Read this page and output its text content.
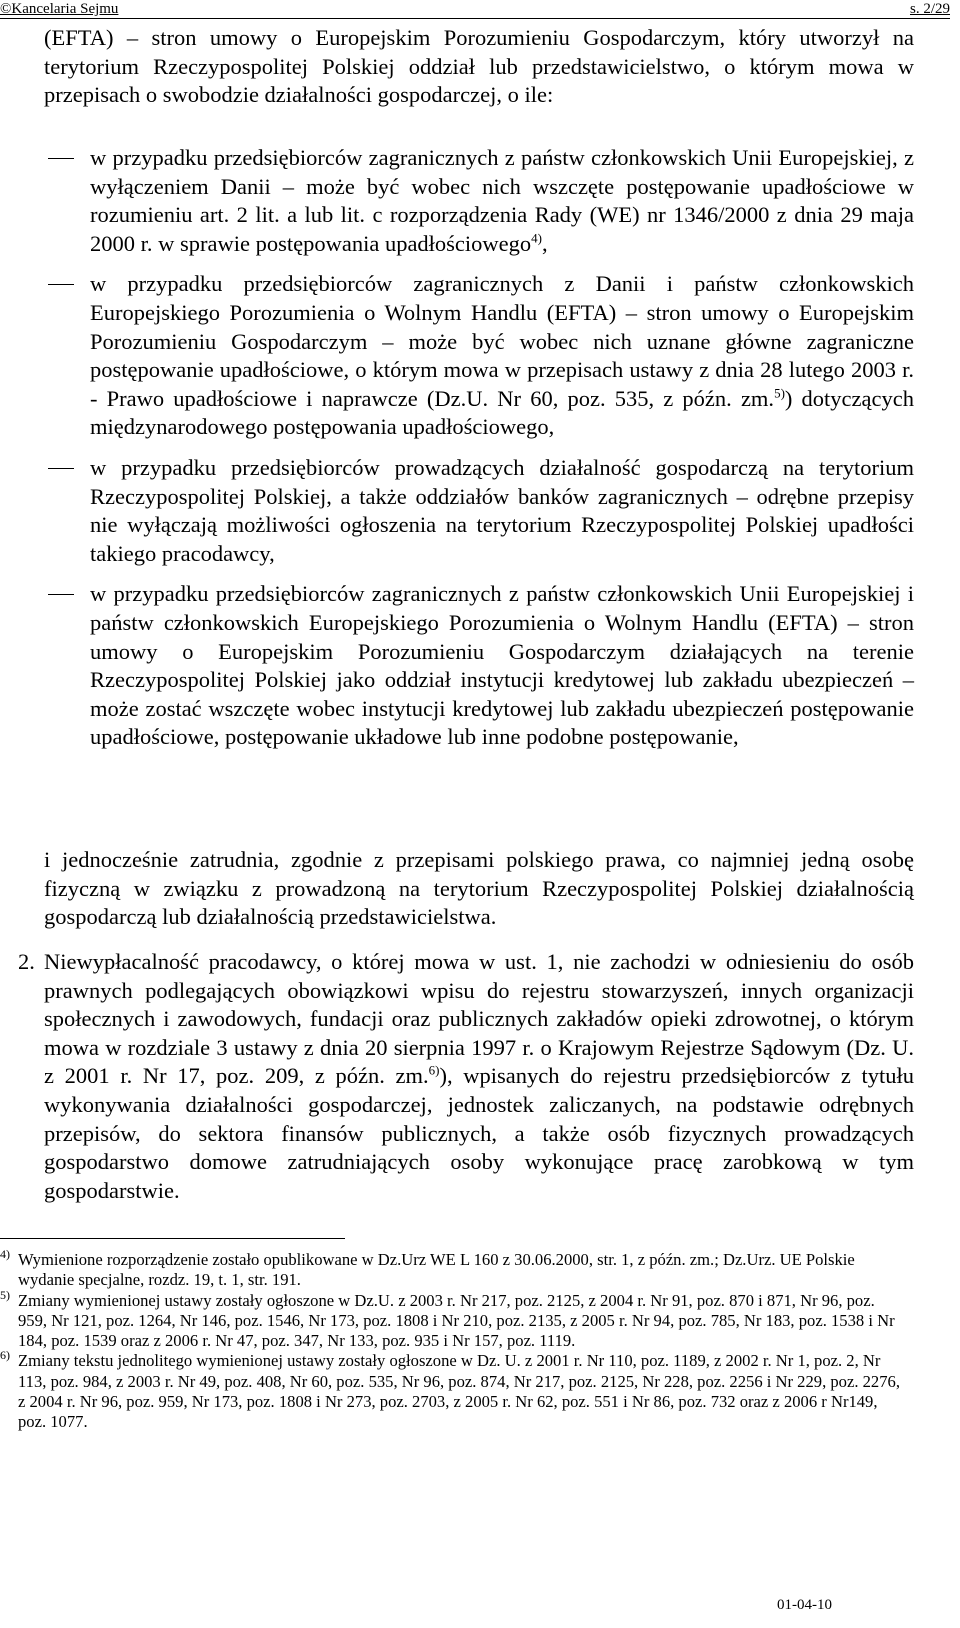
©Kancelaria Sejmu	s. 2/29
(EFTA) – stron umowy o Europejskim Porozumieniu Gospodarczym, który utworzył na terytorium Rzeczypospolitej Polskiej oddział lub przedstawicielstwo, o którym mowa w przepisach o swobodzie działalności gospodarczej, o ile:
w przypadku przedsiębiorców zagranicznych z państw członkowskich Unii Europejskiej, z wyłączeniem Danii – może być wobec nich wszczęte postępowanie upadłościowe w rozumieniu art. 2 lit. a lub lit. c rozporządzenia Rady (WE) nr 1346/2000 z dnia 29 maja 2000 r. w sprawie postępowania upadłościowego$^{4)}$,
w przypadku przedsiębiorców zagranicznych z Danii i państw członkowskich Europejskiego Porozumienia o Wolnym Handlu (EFTA) – stron umowy o Europejskim Porozumieniu Gospodarczym – może być wobec nich uznane główne zagraniczne postępowanie upadłościowe, o którym mowa w przepisach ustawy z dnia 28 lutego 2003 r. - Prawo upadłościowe i naprawcze (Dz.U. Nr 60, poz. 535, z późn. zm.$^{5)}$) dotyczących międzynarodowego postępowania upadłościowego,
w przypadku przedsiębiorców prowadzących działalność gospodarczą na terytorium Rzeczypospolitej Polskiej, a także oddziałów banków zagranicznych – odrębne przepisy nie wyłączają możliwości ogłoszenia na terytorium Rzeczypospolitej Polskiej upadłości takiego pracodawcy,
w przypadku przedsiębiorców zagranicznych z państw członkowskich Unii Europejskiej i państw członkowskich Europejskiego Porozumienia o Wolnym Handlu (EFTA) – stron umowy o Europejskim Porozumieniu Gospodarczym działających na terenie Rzeczypospolitej Polskiej jako oddział instytucji kredytowej lub zakładu ubezpieczeń – może zostać wszczęte wobec instytucji kredytowej lub zakładu ubezpieczeń postępowanie upadłościowe, postępowanie układowe lub inne podobne postępowanie,
i jednocześnie zatrudnia, zgodnie z przepisami polskiego prawa, co najmniej jedną osobę fizyczną w związku z prowadzoną na terytorium Rzeczypospolitej Polskiej działalnością gospodarczą lub działalnością przedstawicielstwa.
2. Niewypłacalność pracodawcy, o której mowa w ust. 1, nie zachodzi w odniesieniu do osób prawnych podlegających obowiązkowi wpisu do rejestru stowarzyszeń, innych organizacji społecznych i zawodowych, fundacji oraz publicznych zakładów opieki zdrowotnej, o którym mowa w rozdziale 3 ustawy z dnia 20 sierpnia 1997 r. o Krajowym Rejestrze Sądowym (Dz. U. z 2001 r. Nr 17, poz. 209, z późn. zm.$^{6)}$), wpisanych do rejestru przedsiębiorców z tytułu wykonywania działalności gospodarczej, jednostek zaliczanych, na podstawie odrębnych przepisów, do sektora finansów publicznych, a także osób fizycznych prowadzących gospodarstwo domowe zatrudniających osoby wykonujące pracę zarobkową w tym gospodarstwie.
4) Wymienione rozporządzenie zostało opublikowane w Dz.Urz WE L 160 z 30.06.2000, str. 1, z późn. zm.; Dz.Urz. UE Polskie wydanie specjalne, rozdz. 19, t. 1, str. 191.
5) Zmiany wymienionej ustawy zostały ogłoszone w Dz.U. z 2003 r. Nr 217, poz. 2125, z 2004 r. Nr 91, poz. 870 i 871, Nr 96, poz. 959, Nr 121, poz. 1264, Nr 146, poz. 1546, Nr 173, poz. 1808 i Nr 210, poz. 2135, z 2005 r. Nr 94, poz. 785, Nr 183, poz. 1538 i Nr 184, poz. 1539 oraz z 2006 r. Nr 47, poz. 347, Nr 133, poz. 935 i Nr 157, poz. 1119.
6) Zmiany tekstu jednolitego wymienionej ustawy zostały ogłoszone w Dz. U. z 2001 r. Nr 110, poz. 1189, z 2002 r. Nr 1, poz. 2, Nr 113, poz. 984, z 2003 r. Nr 49, poz. 408, Nr 60, poz. 535, Nr 96, poz. 874, Nr 217, poz. 2125, Nr 228, poz. 2256 i Nr 229, poz. 2276, z 2004 r. Nr 96, poz. 959, Nr 173, poz. 1808 i Nr 273, poz. 2703, z 2005 r. Nr 62, poz. 551 i Nr 86, poz. 732 oraz z 2006 r Nr149, poz. 1077.
01-04-10
